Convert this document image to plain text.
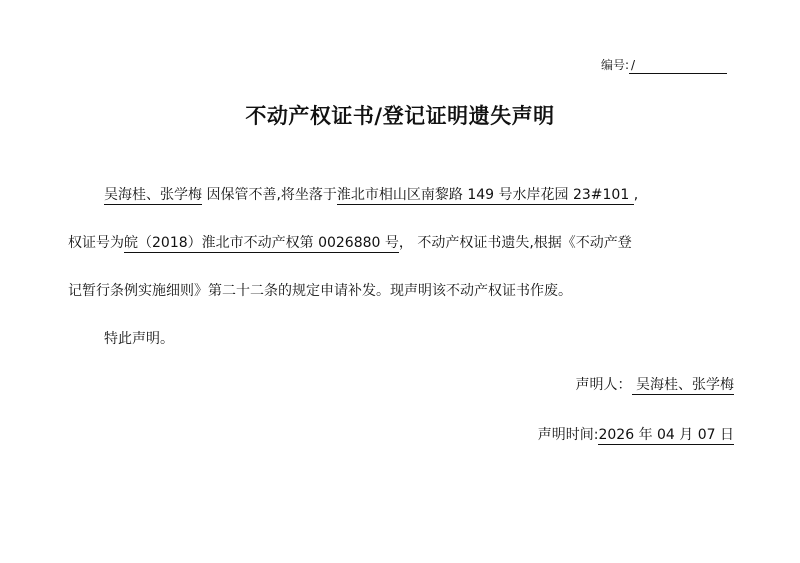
编号: /
不动产权证书/登记证明遗失声明
吴海桂、张学梅 因保管不善,将坐落于淮北市相山区南黎路 149 号水岸花园 23#101 ,
权证号为皖（2018）淮北市不动产权第 0026880 号， 不动产权证书遗失,根据《不动产登
记暂行条例实施细则》第二十二条的规定申请补发。现声明该不动产权证书作废。
特此声明。
声明人： 吴海桂、张学梅
声明时间:2026 年 04 月 07 日
